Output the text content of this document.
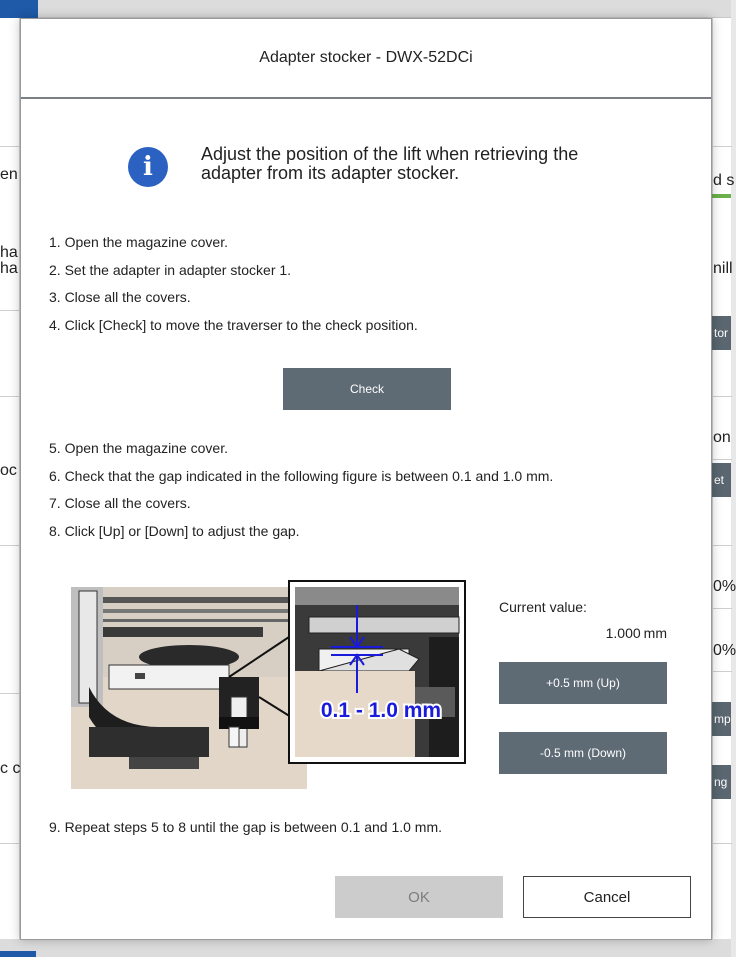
en
ha
ha
oc
c c
d s
nill
on
0%
0%
tor
et
mp
ng
Adapter stocker - DWX-52DCi
i	Adjust the position of the lift when retrieving the adapter from its adapter stocker.
1. Open the magazine cover.
2. Set the adapter in adapter stocker 1.
3. Close all the covers.
4. Click [Check] to move the traverser to the check position.
Check
5. Open the magazine cover.
6. Check that the gap indicated in the following figure is between 0.1 and 1.0 mm.
7. Close all the covers.
8. Click [Up] or [Down] to adjust the gap.
0.1 - 1.0 mm
Current value:
1.000 mm
+0.5 mm (Up)
-0.5 mm (Down)
9. Repeat steps 5 to 8 until the gap is between 0.1 and 1.0 mm.
OK	Cancel
